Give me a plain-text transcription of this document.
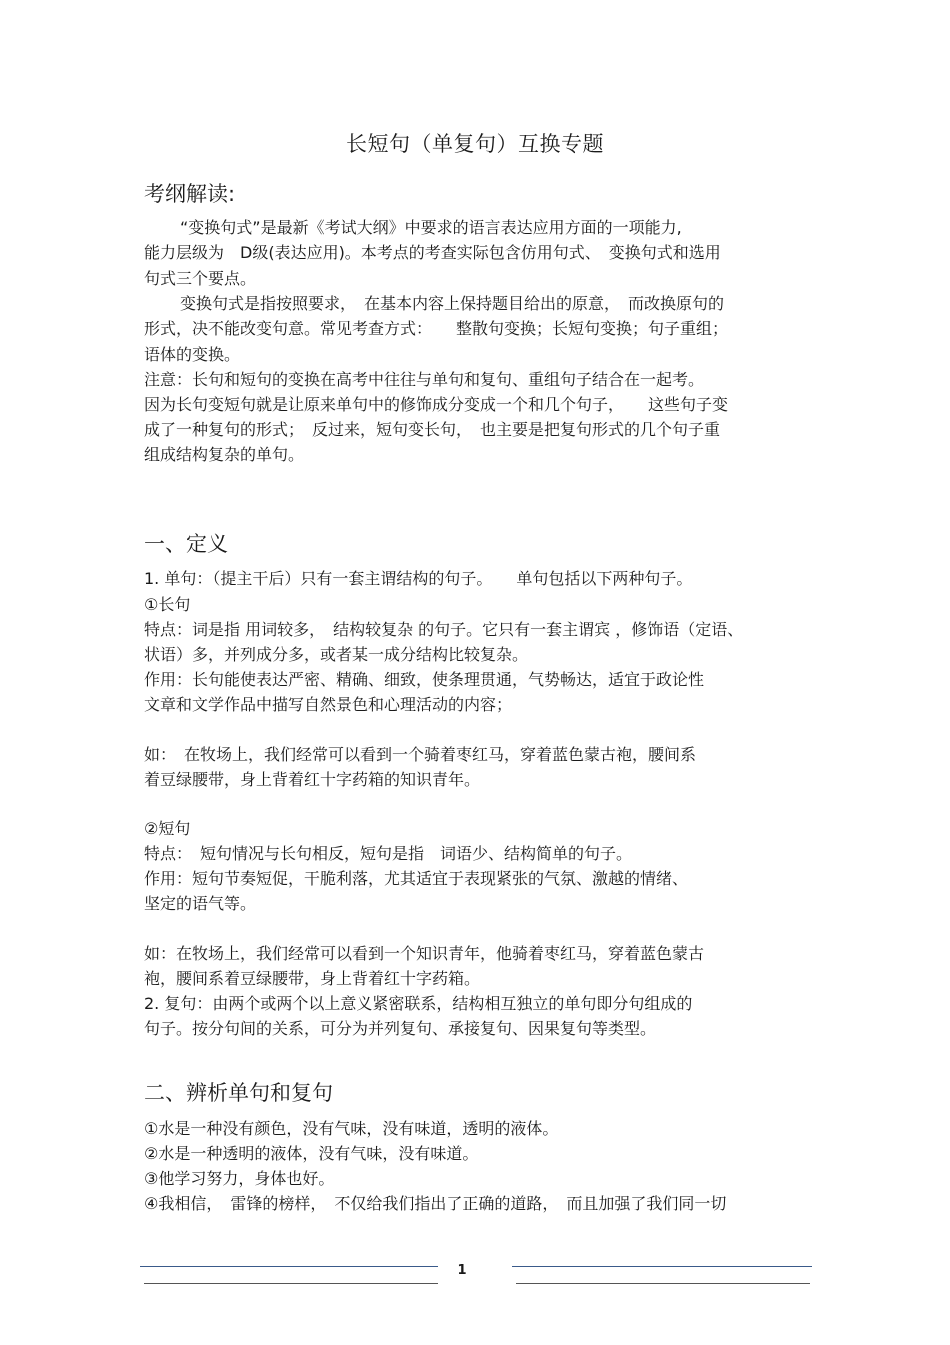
长短句（单复句）互换专题
考纲解读:
“变换句式”是最新《考试大纲》中要求的语言表达应用方面的一项能力,
能力层级为　D级(表达应用)。本考点的考查实际包含仿用句式、　变换句式和选用
句式三个要点。
变换句式是指按照要求，　在基本内容上保持题目给出的原意，　而改换原句的
形式，决不能改变句意。常见考查方式：　　整散句变换；长短句变换；句子重组；
语体的变换。
注意：长句和短句的变换在高考中往往与单句和复句、重组句子结合在一起考。
因为长句变短句就是让原来单句中的修饰成分变成一个和几个句子，　　这些句子变
成了一种复句的形式；　反过来，短句变长句，　也主要是把复句形式的几个句子重
组成结构复杂的单句。
一、定义
1. 单句：（提主干后）只有一套主谓结构的句子。　　单句包括以下两种句子。
①长句
特点：词是指 用词较多，　结构较复杂 的句子。它只有一套主谓宾 ，修饰语（定语、
状语）多，并列成分多，或者某一成分结构比较复杂。
作用：长句能使表达严密、精确、细致，使条理贯通，气势畅达，适宜于政论性
文章和文学作品中描写自然景色和心理活动的内容；
如：　在牧场上，我们经常可以看到一个骑着枣红马，穿着蓝色蒙古袍，腰间系
着豆绿腰带，身上背着红十字药箱的知识青年。
②短句
特点：　短句情况与长句相反，短句是指　词语少、结构简单的句子。
作用：短句节奏短促，干脆利落，尤其适宜于表现紧张的气氛、激越的情绪、
坚定的语气等。
如：在牧场上，我们经常可以看到一个知识青年，他骑着枣红马，穿着蓝色蒙古
袍，腰间系着豆绿腰带，身上背着红十字药箱。
2. 复句：由两个或两个以上意义紧密联系，结构相互独立的单句即分句组成的
句子。按分句间的关系，可分为并列复句、承接复句、因果复句等类型。
二、辨析单句和复句
①水是一种没有颜色，没有气味，没有味道，透明的液体。
②水是一种透明的液体，没有气味，没有味道。
③他学习努力，身体也好。
④我相信，　雷锋的榜样，　不仅给我们指出了正确的道路，　而且加强了我们同一切
1
